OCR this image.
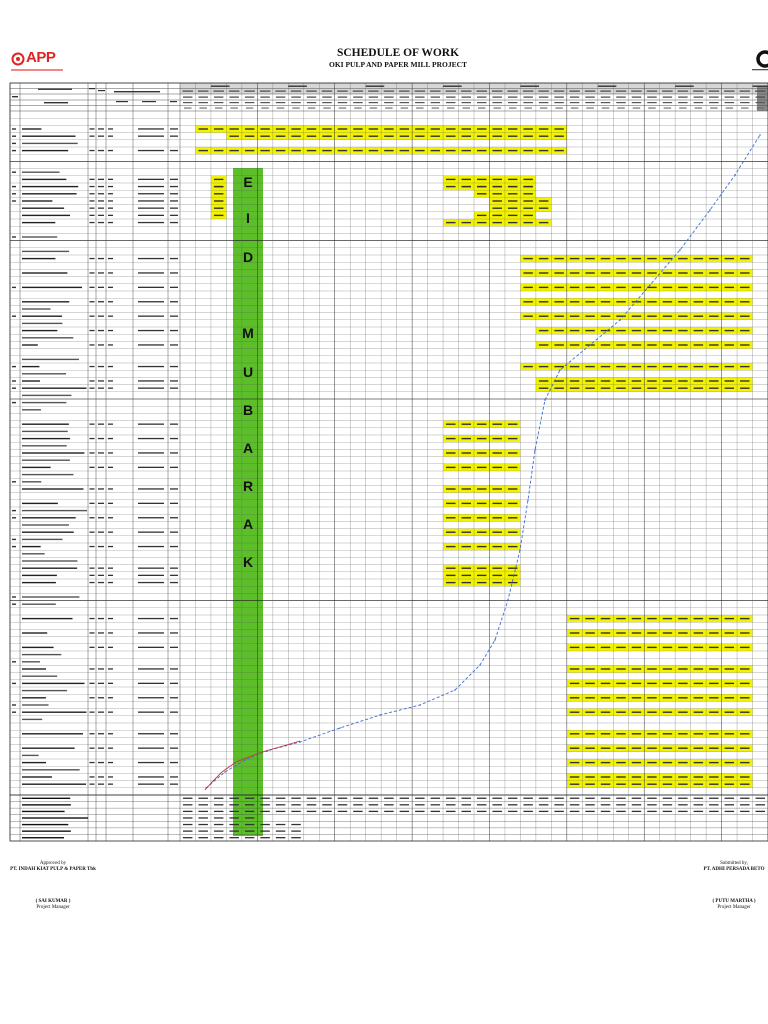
APP	SCHEDULE OF WORK
OKI PULP AND PAPER MILL PROJECT
E
I
D
M
U
B
A
R
A
K
Approved by
PT. INDAH KIAT PULP & PAPER Tbk
( SAI KUMAR )
Project Manager
Submitted by,
PT. ADHI PERSADA BETO
( PUTU MARTHA )
Project Manager
